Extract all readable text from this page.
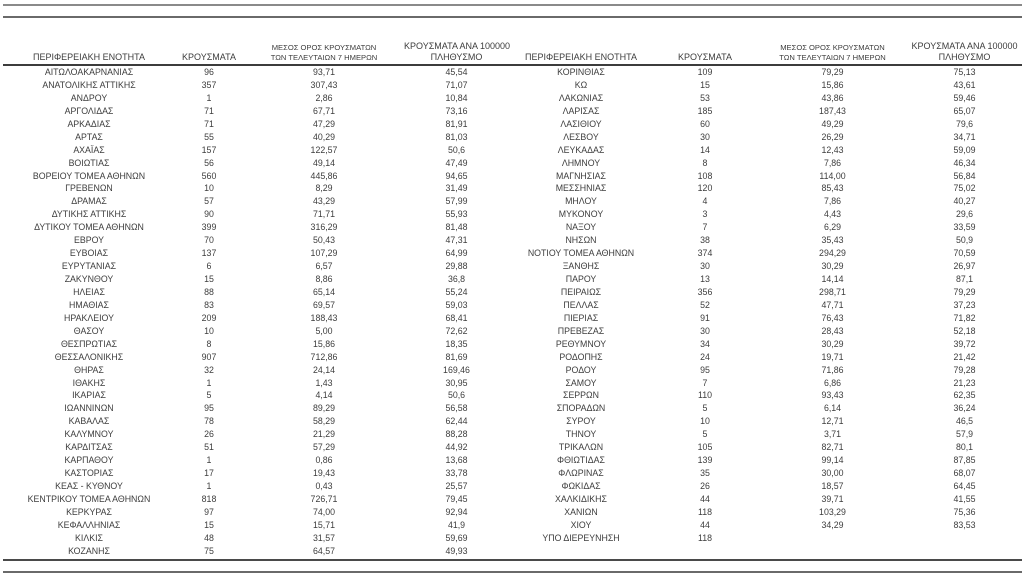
ΠΕΡΙΦΕΡΕΙΑΚΗ ΕΝΟΤΗΤΑ	ΚΡΟΥΣΜΑΤΑ
ΜΕΣΟΣ ΟΡΟΣ ΚΡΟΥΣΜΑΤΩΝ
ΤΩΝ ΤΕΛΕΥΤΑΙΩΝ 7 ΗΜΕΡΩΝ
ΚΡΟΥΣΜΑΤΑ ΑΝΑ 100000
ΠΛΗΘΥΣΜΟ
ΑΙΤΩΛΟΑΚΑΡΝΑΝΙΑΣ	96	93,71	45,54
ΑΝΑΤΟΛΙΚΗΣ ΑΤΤΙΚΗΣ	357	307,43	71,07
ΑΝΔΡΟΥ	1	2,86	10,84
ΑΡΓΟΛΙΔΑΣ	71	67,71	73,16
ΑΡΚΑΔΙΑΣ	71	47,29	81,91
ΑΡΤΑΣ	55	40,29	81,03
ΑΧΑΪΑΣ	157	122,57	50,6
ΒΟΙΩΤΙΑΣ	56	49,14	47,49
ΒΟΡΕΙΟΥ ΤΟΜΕΑ ΑΘΗΝΩΝ	560	445,86	94,65
ΓΡΕΒΕΝΩΝ	10	8,29	31,49
ΔΡΑΜΑΣ	57	43,29	57,99
ΔΥΤΙΚΗΣ ΑΤΤΙΚΗΣ	90	71,71	55,93
ΔΥΤΙΚΟΥ ΤΟΜΕΑ ΑΘΗΝΩΝ	399	316,29	81,48
ΕΒΡΟΥ	70	50,43	47,31
ΕΥΒΟΙΑΣ	137	107,29	64,99
ΕΥΡΥΤΑΝΙΑΣ	6	6,57	29,88
ΖΑΚΥΝΘΟΥ	15	8,86	36,8
ΗΛΕΙΑΣ	88	65,14	55,24
ΗΜΑΘΙΑΣ	83	69,57	59,03
ΗΡΑΚΛΕΙΟΥ	209	188,43	68,41
ΘΑΣΟΥ	10	5,00	72,62
ΘΕΣΠΡΩΤΙΑΣ	8	15,86	18,35
ΘΕΣΣΑΛΟΝΙΚΗΣ	907	712,86	81,69
ΘΗΡΑΣ	32	24,14	169,46
ΙΘΑΚΗΣ	1	1,43	30,95
ΙΚΑΡΙΑΣ	5	4,14	50,6
ΙΩΑΝΝΙΝΩΝ	95	89,29	56,58
ΚΑΒΑΛΑΣ	78	58,29	62,44
ΚΑΛΥΜΝΟΥ	26	21,29	88,28
ΚΑΡΔΙΤΣΑΣ	51	57,29	44,92
ΚΑΡΠΑΘΟΥ	1	0,86	13,68
ΚΑΣΤΟΡΙΑΣ	17	19,43	33,78
ΚΕΑΣ - ΚΥΘΝΟΥ	1	0,43	25,57
ΚΕΝΤΡΙΚΟΥ ΤΟΜΕΑ ΑΘΗΝΩΝ	818	726,71	79,45
ΚΕΡΚΥΡΑΣ	97	74,00	92,94
ΚΕΦΑΛΛΗΝΙΑΣ	15	15,71	41,9
ΚΙΛΚΙΣ	48	31,57	59,69
ΚΟΖΑΝΗΣ	75	64,57	49,93
ΠΕΡΙΦΕΡΕΙΑΚΗ ΕΝΟΤΗΤΑ	ΚΡΟΥΣΜΑΤΑ
ΜΕΣΟΣ ΟΡΟΣ ΚΡΟΥΣΜΑΤΩΝ
ΤΩΝ ΤΕΛΕΥΤΑΙΩΝ 7 ΗΜΕΡΩΝ
ΚΡΟΥΣΜΑΤΑ ΑΝΑ 100000
ΠΛΗΘΥΣΜΟ
ΚΟΡΙΝΘΙΑΣ	109	79,29	75,13
ΚΩ	15	15,86	43,61
ΛΑΚΩΝΙΑΣ	53	43,86	59,46
ΛΑΡΙΣΑΣ	185	187,43	65,07
ΛΑΣΙΘΙΟΥ	60	49,29	79,6
ΛΕΣΒΟΥ	30	26,29	34,71
ΛΕΥΚΑΔΑΣ	14	12,43	59,09
ΛΗΜΝΟΥ	8	7,86	46,34
ΜΑΓΝΗΣΙΑΣ	108	114,00	56,84
ΜΕΣΣΗΝΙΑΣ	120	85,43	75,02
ΜΗΛΟΥ	4	7,86	40,27
ΜΥΚΟΝΟΥ	3	4,43	29,6
ΝΑΞΟΥ	7	6,29	33,59
ΝΗΣΩΝ	38	35,43	50,9
ΝΟΤΙΟΥ ΤΟΜΕΑ ΑΘΗΝΩΝ	374	294,29	70,59
ΞΑΝΘΗΣ	30	30,29	26,97
ΠΑΡΟΥ	13	14,14	87,1
ΠΕΙΡΑΙΩΣ	356	298,71	79,29
ΠΕΛΛΑΣ	52	47,71	37,23
ΠΙΕΡΙΑΣ	91	76,43	71,82
ΠΡΕΒΕΖΑΣ	30	28,43	52,18
ΡΕΘΥΜΝΟΥ	34	30,29	39,72
ΡΟΔΟΠΗΣ	24	19,71	21,42
ΡΟΔΟΥ	95	71,86	79,28
ΣΑΜΟΥ	7	6,86	21,23
ΣΕΡΡΩΝ	110	93,43	62,35
ΣΠΟΡΑΔΩΝ	5	6,14	36,24
ΣΥΡΟΥ	10	12,71	46,5
ΤΗΝΟΥ	5	3,71	57,9
ΤΡΙΚΑΛΩΝ	105	82,71	80,1
ΦΘΙΩΤΙΔΑΣ	139	99,14	87,85
ΦΛΩΡΙΝΑΣ	35	30,00	68,07
ΦΩΚΙΔΑΣ	26	18,57	64,45
ΧΑΛΚΙΔΙΚΗΣ	44	39,71	41,55
ΧΑΝΙΩΝ	118	103,29	75,36
ΧΙΟΥ	44	34,29	83,53
ΥΠΟ ΔΙΕΡΕΥΝΗΣΗ	118
